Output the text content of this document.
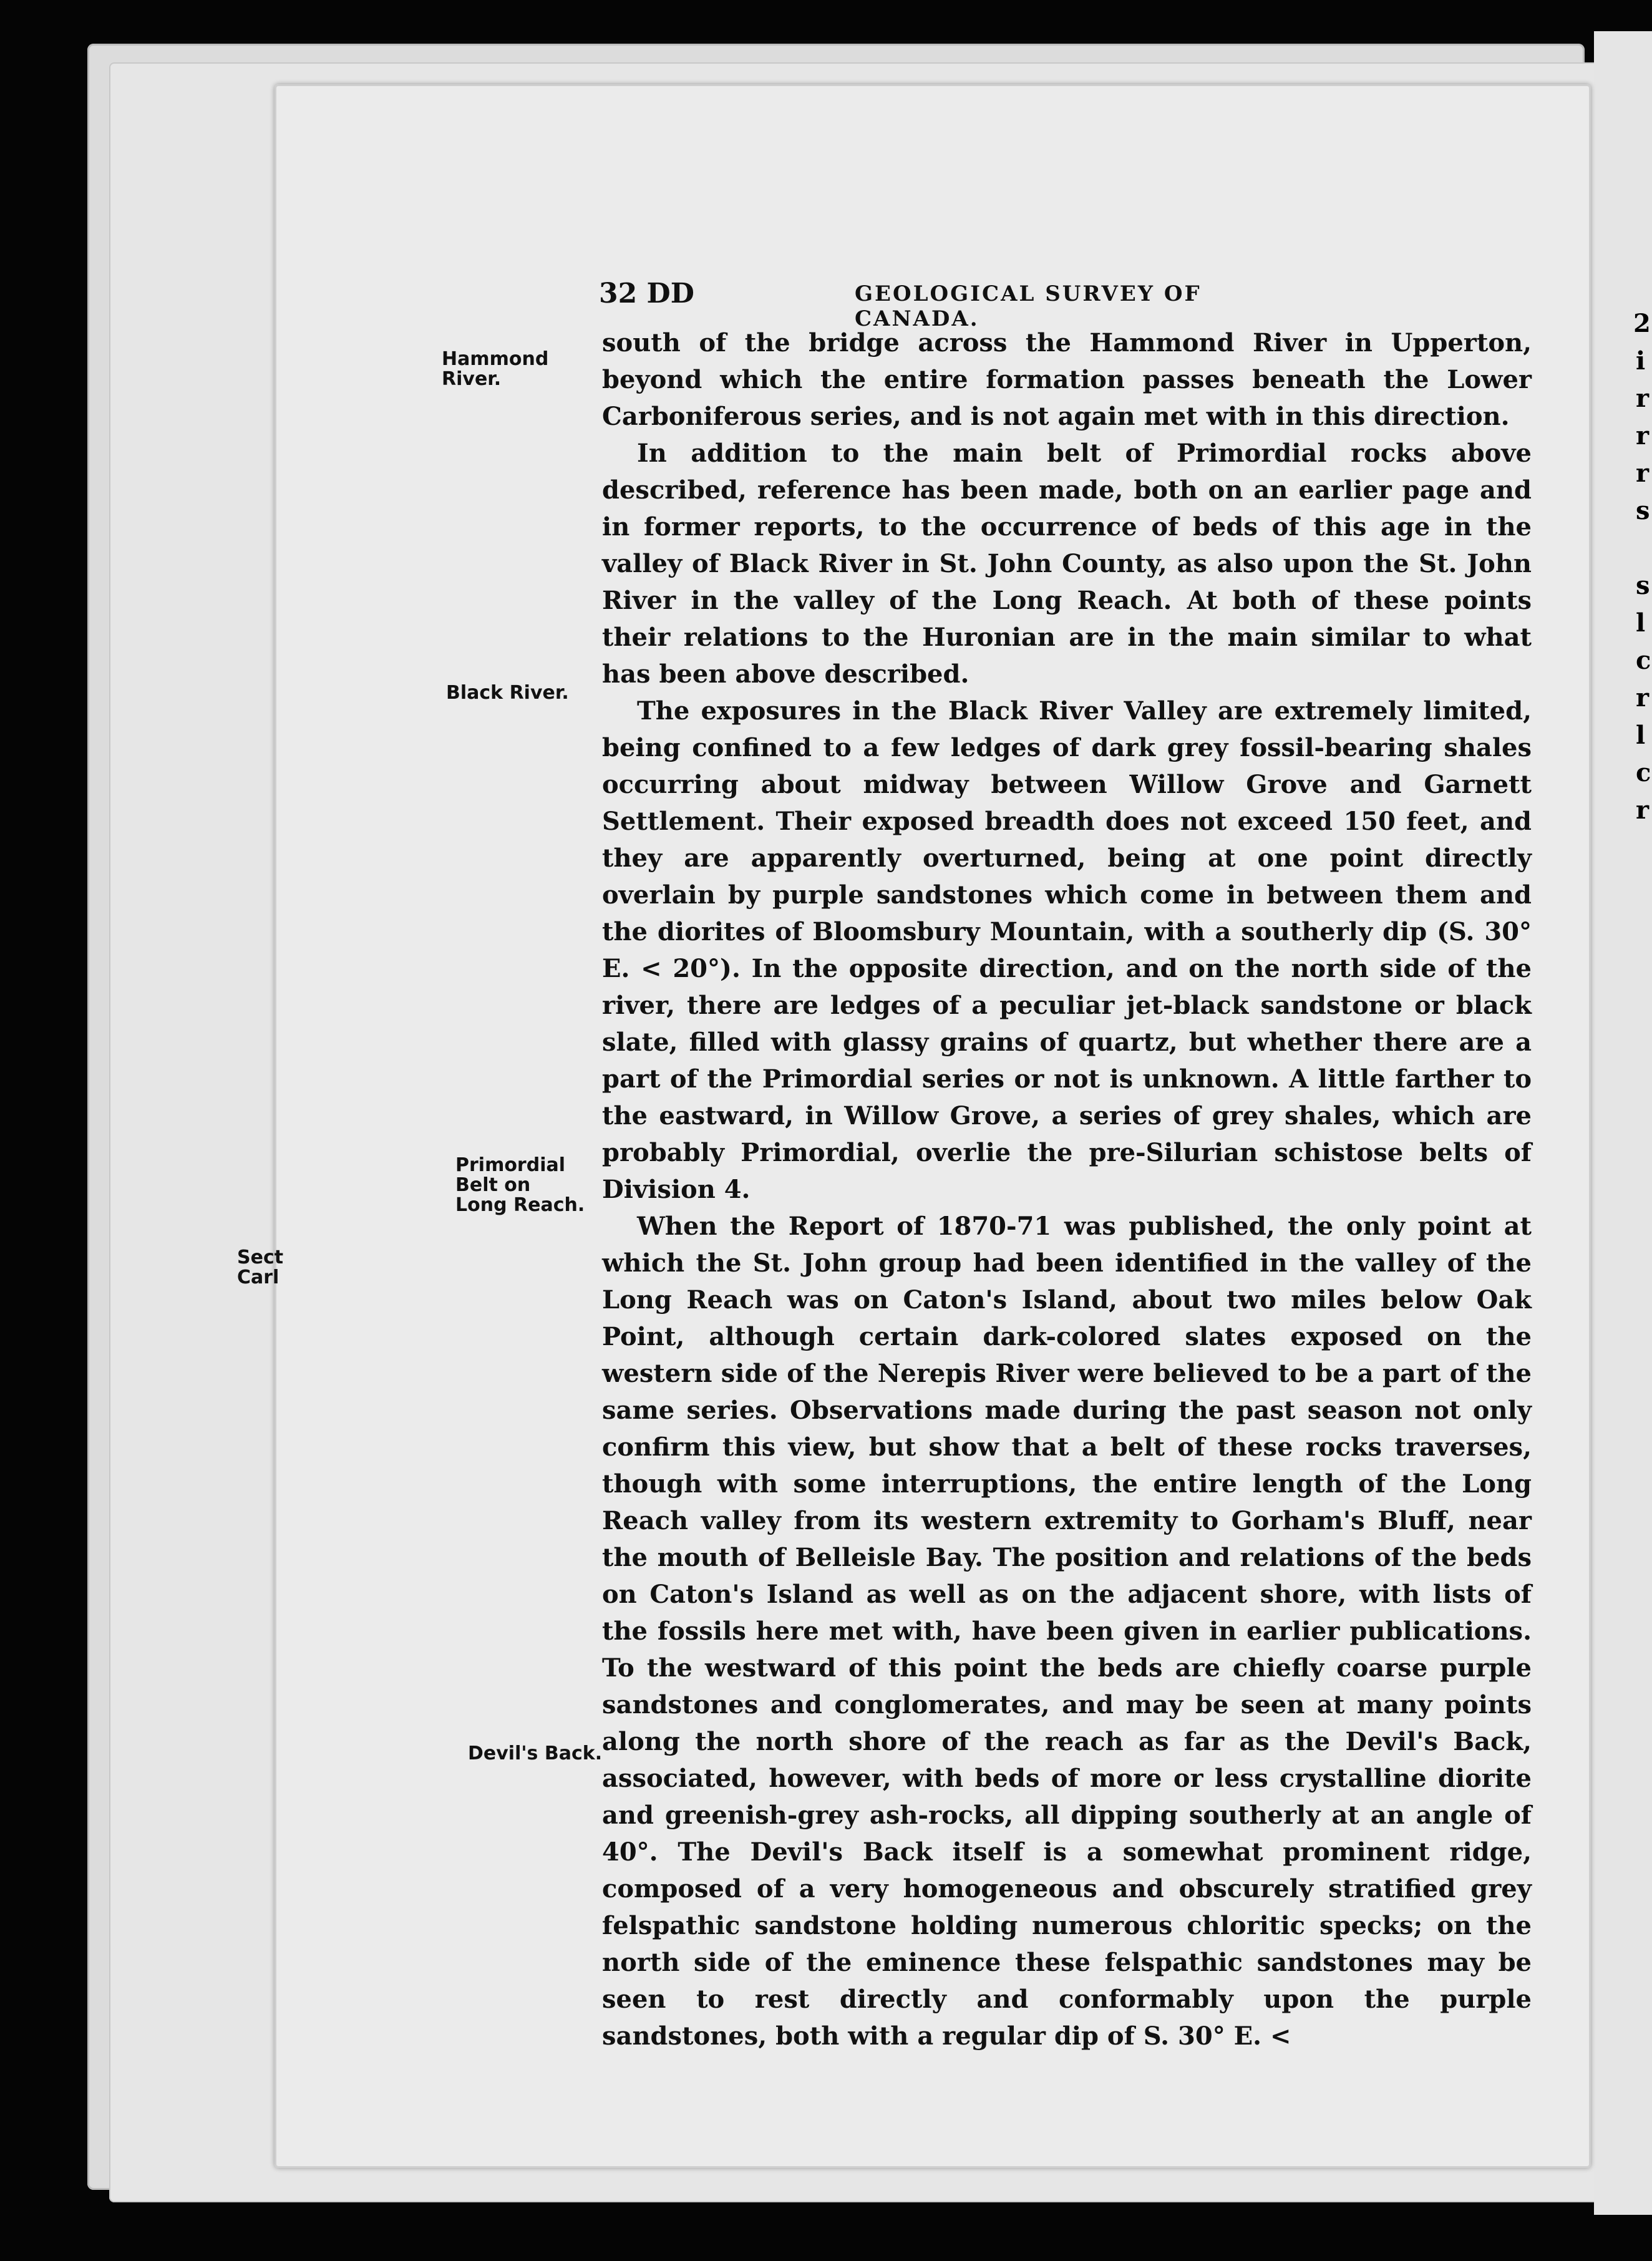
Sect
Carl
32 DD	GEOLOGICAL SURVEY OF CANADA.
Hammond River.
Black River.
Primordial Belt on Long Reach.
Devil's Back.

south of the bridge across the Hammond River in Upperton, beyond which the entire formation passes beneath the Lower Carboniferous series, and is not again met with in this direction.

In addition to the main belt of Primordial rocks above described, reference has been made, both on an earlier page and in former reports, to the occurrence of beds of this age in the valley of Black River in St. John County, as also upon the St. John River in the valley of the Long Reach. At both of these points their relations to the Huronian are in the main similar to what has been above described.

The exposures in the Black River Valley are extremely limited, being confined to a few ledges of dark grey fossil-bearing shales occurring about midway between Willow Grove and Garnett Settlement. Their exposed breadth does not exceed 150 feet, and they are apparently overturned, being at one point directly overlain by purple sandstones which come in between them and the diorites of Bloomsbury Mountain, with a southerly dip (S. 30° E. < 20°). In the opposite direction, and on the north side of the river, there are ledges of a peculiar jet-black sandstone or black slate, filled with glassy grains of quartz, but whether there are a part of the Primordial series or not is unknown. A little farther to the eastward, in Willow Grove, a series of grey shales, which are probably Primordial, overlie the pre-Silurian schistose belts of Division 4.

When the Report of 1870-71 was published, the only point at which the St. John group had been identified in the valley of the Long Reach was on Caton's Island, about two miles below Oak Point, although certain dark-colored slates exposed on the western side of the Nerepis River were believed to be a part of the same series. Observations made during the past season not only confirm this view, but show that a belt of these rocks traverses, though with some interruptions, the entire length of the Long Reach valley from its western extremity to Gorham's Bluff, near the mouth of Belleisle Bay. The position and relations of the beds on Caton's Island as well as on the adjacent shore, with lists of the fossils here met with, have been given in earlier publications. To the westward of this point the beds are chiefly coarse purple sandstones and conglomerates, and may be seen at many points along the north shore of the reach as far as the Devil's Back, associated, however, with beds of more or less crystalline diorite and greenish-grey ash-rocks, all dipping southerly at an angle of 40°. The Devil's Back itself is a somewhat prominent ridge, composed of a very homogeneous and obscurely stratified grey felspathic sandstone holding numerous chloritic specks; on the north side of the eminence these felspathic sandstones may be seen to rest directly and conformably upon the purple sandstones, both with a regular dip of S. 30° E. <

2
i
r
r
r
s
s
l
c
r
l
c
r
